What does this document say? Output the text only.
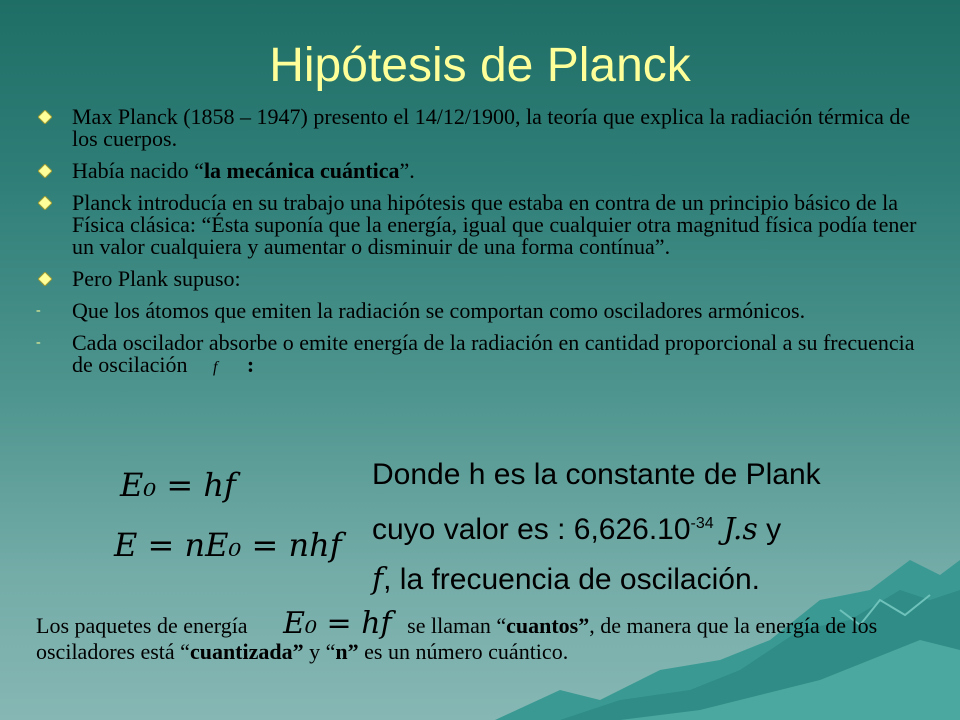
Hipótesis de Planck
Max Planck (1858 – 1947) presento el 14/12/1900, la teoría que explica la radiación térmica de los cuerpos.
Había nacido “la mecánica cuántica”.
Planck introducía en su trabajo una hipótesis que estaba en contra de un principio básico de la Física clásica: “Ésta suponía que la energía, igual que cualquier otra magnitud física podía tener un valor cualquiera y aumentar o disminuir de una forma contínua”.
Pero Plank supuso:
- Que los átomos que emiten la radiación se comportan como osciladores armónicos.
- Cada oscilador absorbe o emite energía de la radiación en cantidad proporcional a su frecuencia de oscilación f :
E₀ = hf
E = nE₀ = nhf
Donde h es la constante de Plank
cuyo valor es : $6,626.10^{-34}$ J.s y
f, la frecuencia de oscilación.
Los paquetes de energía E₀ = hf se llaman “cuantos”, de manera que la energía de los osciladores está “cuantizada” y “n” es un número cuántico.
